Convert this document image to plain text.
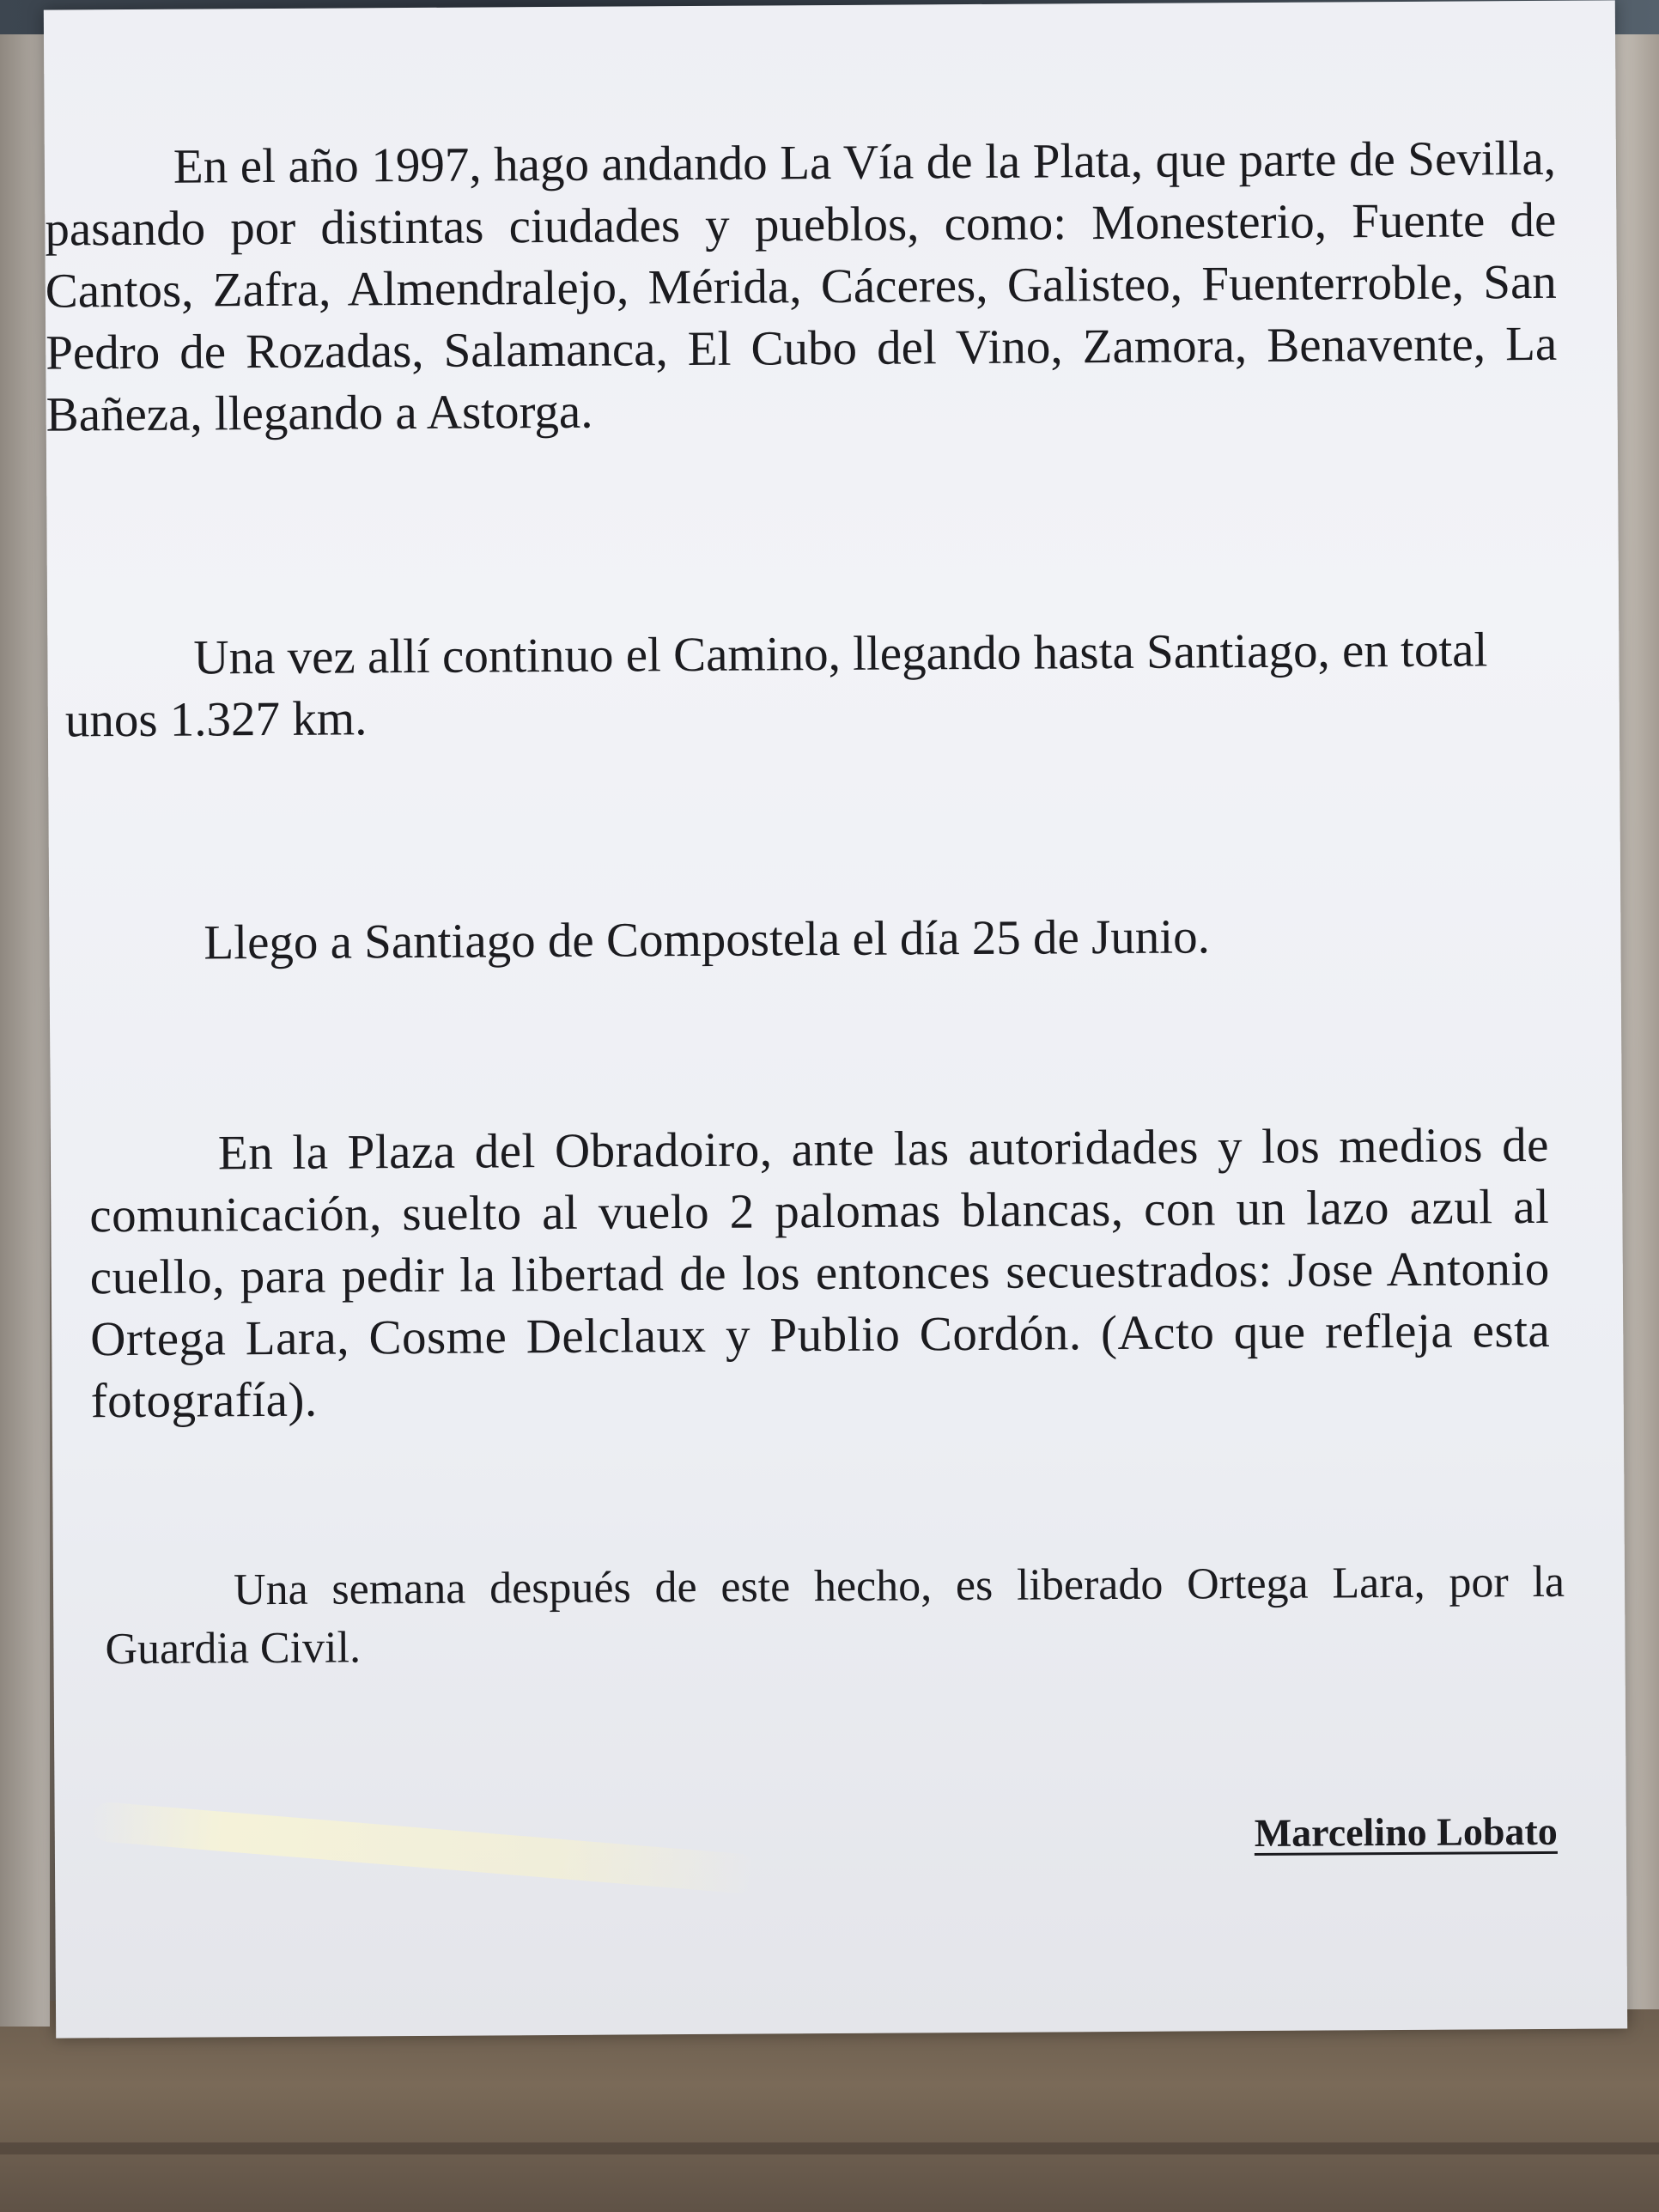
En el año 1997, hago andando La Vía de la Plata, que parte de Sevilla, pasando por distintas ciudades y pueblos, como: Monesterio, Fuente de Cantos, Zafra, Almendralejo, Mérida, Cáceres, Galisteo, Fuenterroble, San Pedro de Rozadas, Salamanca, El Cubo del Vino, Zamora, Benavente, La Bañeza, llegando a Astorga.

Una vez allí continuo el Camino, llegando hasta Santiago, en total unos 1.327 km.

Llego a Santiago de Compostela el día 25 de Junio.

En la Plaza del Obradoiro, ante las autoridades y los medios de comunicación, suelto al vuelo 2 palomas blancas, con un lazo azul al cuello, para pedir la libertad de los entonces secuestrados: Jose Antonio Ortega Lara, Cosme Delclaux y Publio Cordón. (Acto que refleja esta fotografía).

Una semana después de este hecho, es liberado Ortega Lara, por la Guardia Civil.

Marcelino Lobato
